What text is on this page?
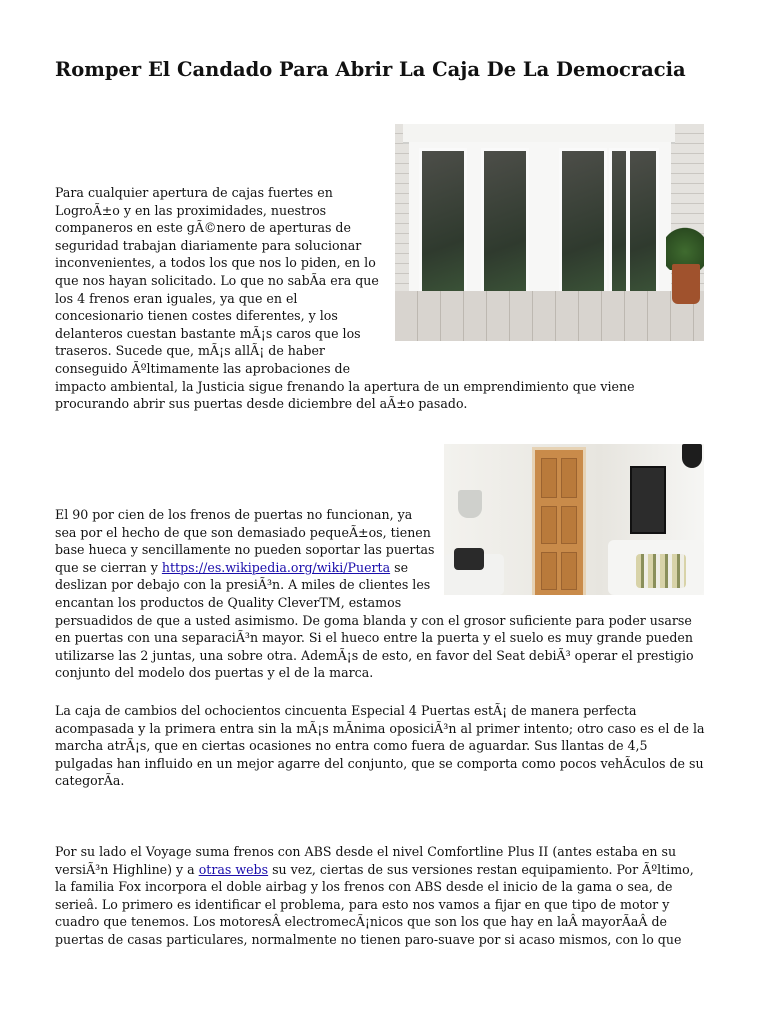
Romper El Candado Para Abrir La Caja De La Democracia

Para cualquier apertura de cajas fuertes en LogroÃ±o y en las proximidades, nuestros companeros en este gÃ©nero de aperturas de seguridad trabajan diariamente para solucionar inconvenientes, a todos los que nos lo piden, en lo que nos hayan solicitado. Lo que no sabÃa era que los 4 frenos eran iguales, ya que en el concesionario tienen costes diferentes, y los delanteros cuestan bastante mÃ¡s caros que los traseros. Sucede que, mÃ¡s allÃ¡ de haber conseguido Ãºltimamente las aprobaciones de impacto ambiental, la Justicia sigue frenando la apertura de un emprendimiento que viene procurando abrir sus puertas desde diciembre del aÃ±o pasado.

El 90 por cien de los frenos de puertas no funcionan, ya sea por el hecho de que son demasiado pequeÃ±os, tienen base hueca y sencillamente no pueden soportar las puertas que se cierran y https://es.wikipedia.org/wiki/Puerta se deslizan por debajo con la presiÃ³n. A miles de clientes les encantan los productos de Quality CleverTM, estamos persuadidos de que a usted asimismo. De goma blanda y con el grosor suficiente para poder usarse en puertas con una separaciÃ³n mayor. Si el hueco entre la puerta y el suelo es muy grande pueden utilizarse las 2 juntas, una sobre otra. AdemÃ¡s de esto, en favor del Seat debiÃ³ operar el prestigio conjunto del modelo dos puertas y el de la marca.

La caja de cambios del ochocientos cincuenta Especial 4 Puertas estÃ¡ de manera perfecta acompasada y la primera entra sin la mÃ¡s mÃnima oposiciÃ³n al primer intento; otro caso es el de la marcha atrÃ¡s, que en ciertas ocasiones no entra como fuera de aguardar. Sus llantas de 4,5 pulgadas han influido en un mejor agarre del conjunto, que se comporta como pocos vehÃculos de su categorÃa.

Por su lado el Voyage suma frenos con ABS desde el nivel Comfortline Plus II (antes estaba en su versiÃ³n Highline) y a otras webs su vez, ciertas de sus versiones restan equipamiento. Por Ãºltimo, la familia Fox incorpora el doble airbag y los frenos con ABS desde el inicio de la gama o sea, de serieâ. Lo primero es identificar el problema, para esto nos vamos a fijar en que tipo de motor y cuadro que tenemos. Los motoresÂ electromecÃ¡nicos que son los que hay en laÂ mayorÃaÂ de puertas de casas particulares, normalmente no tienen paro-suave por si acaso mismos, con lo que
